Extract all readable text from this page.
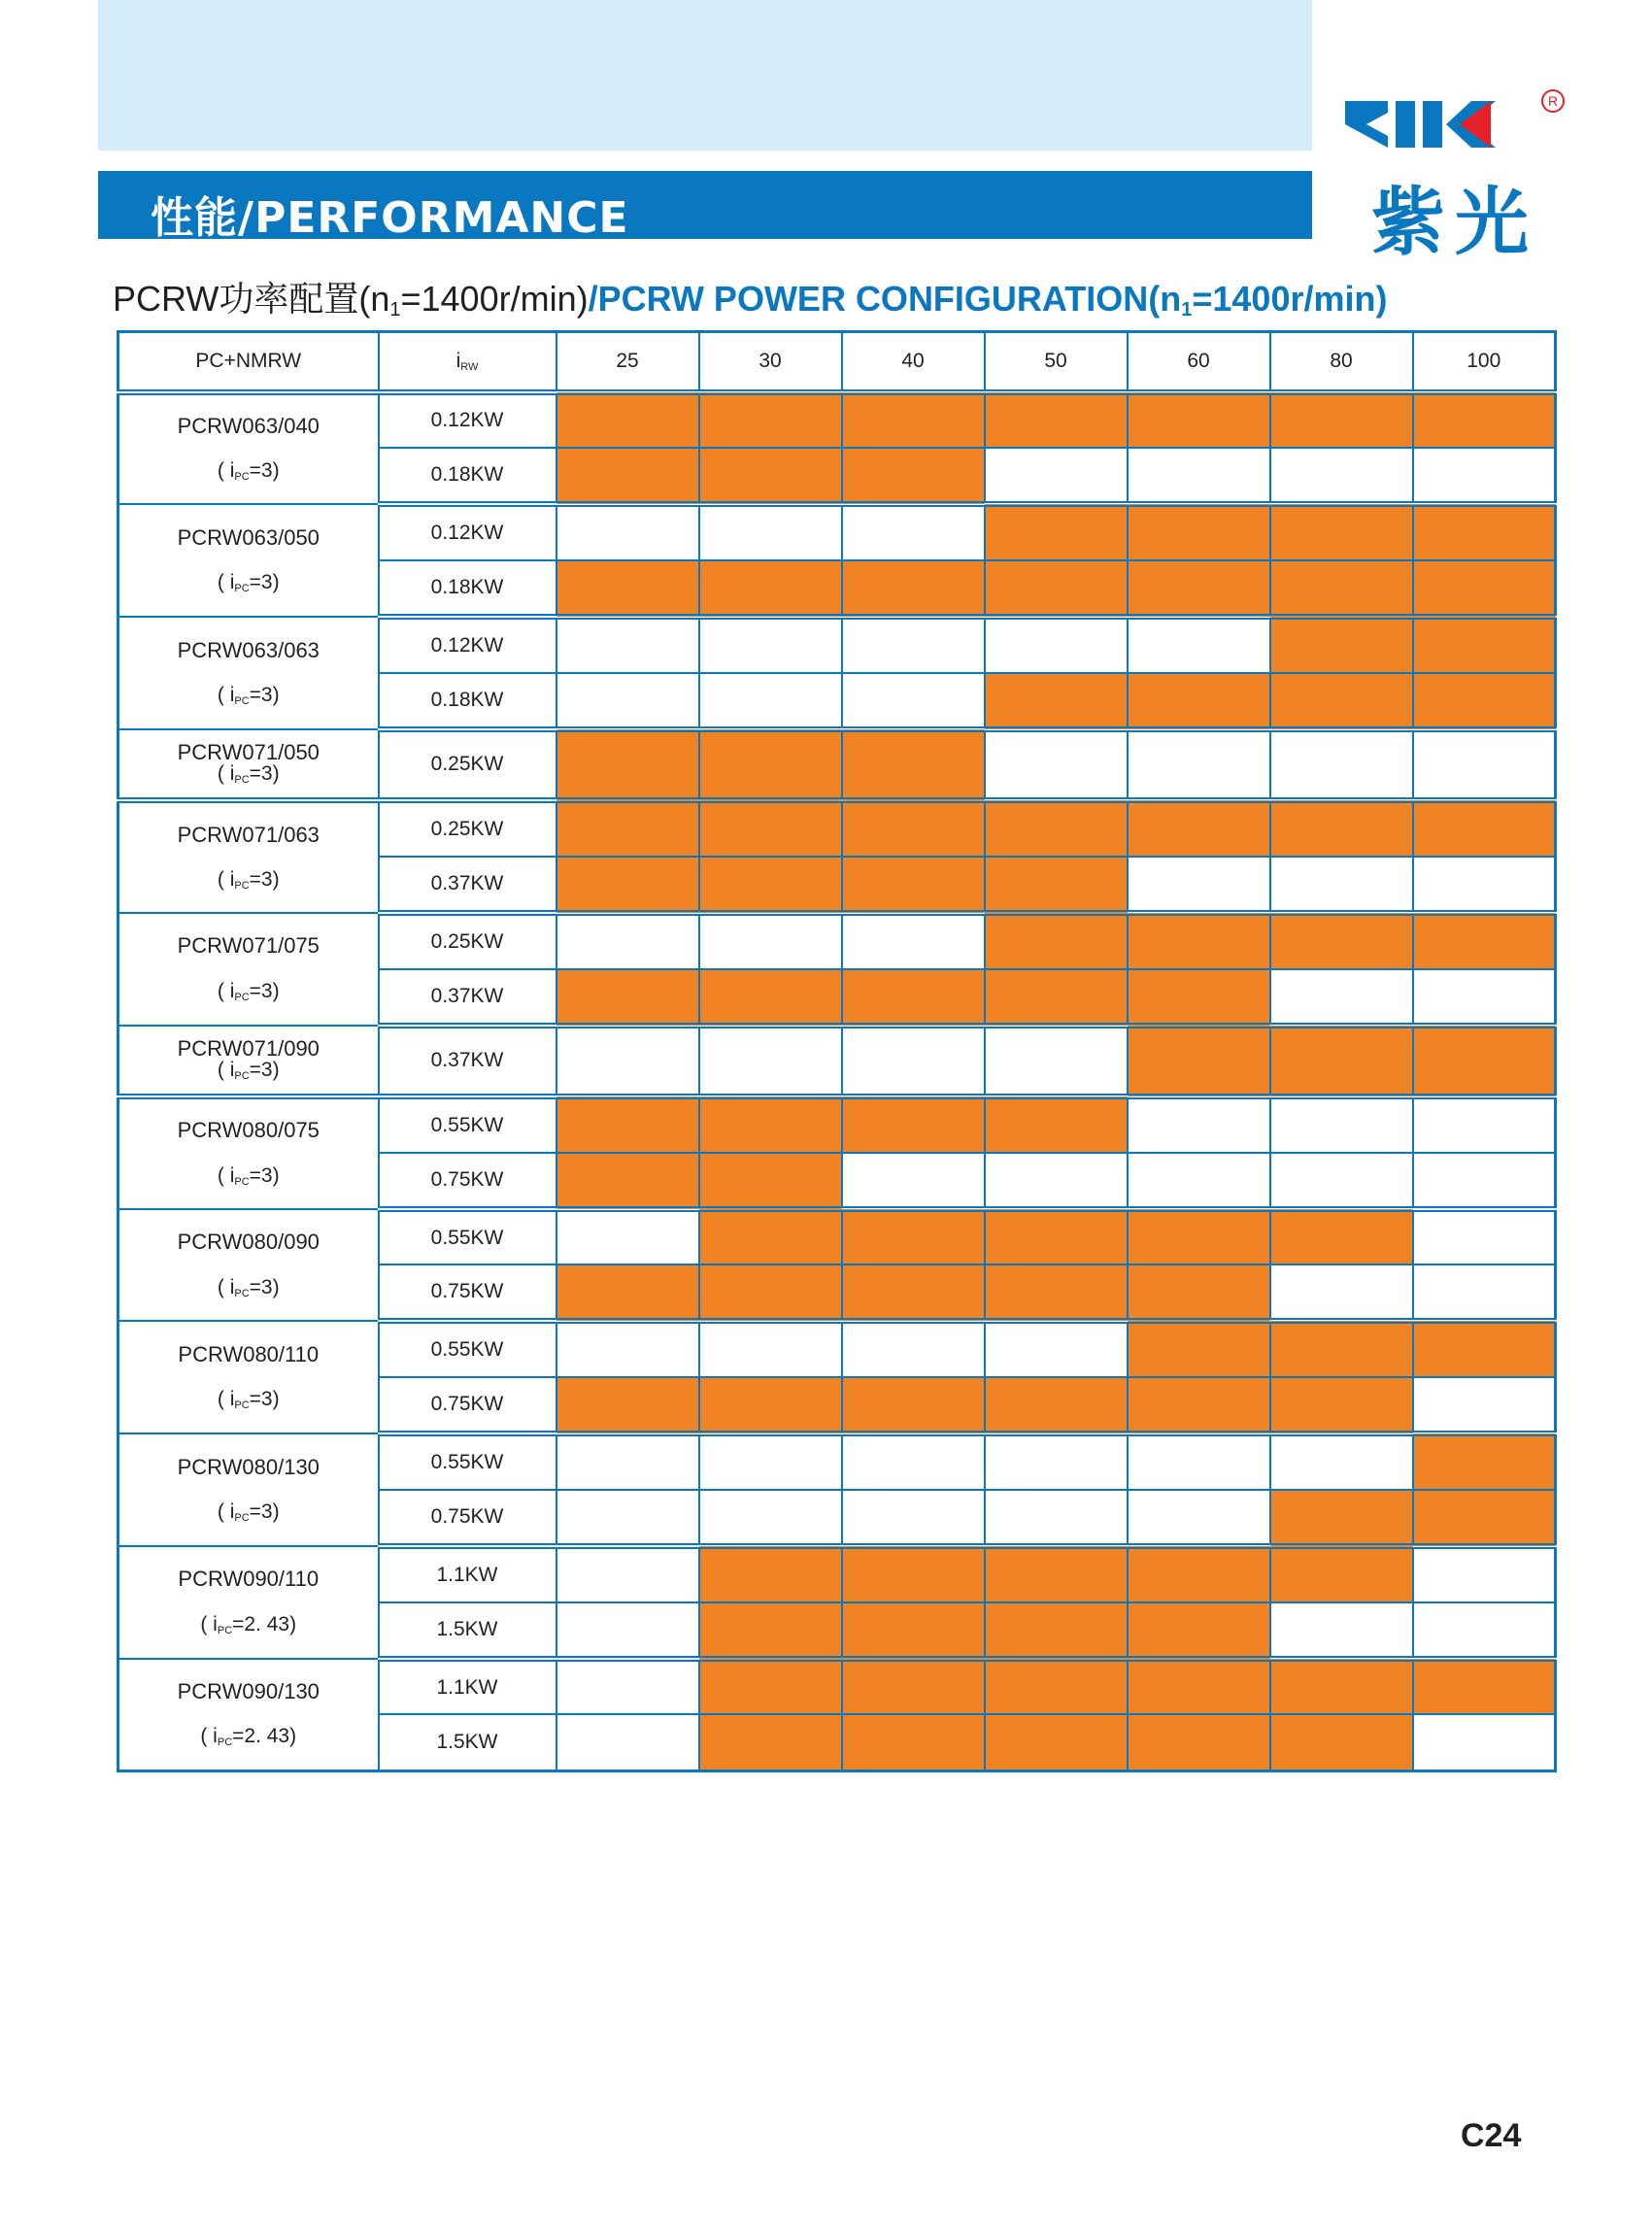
性能/PERFORMANCE
R
紫光
PCRW功率配置$(n_1=1400r/\min)$/PCRW POWER $CONFIGURATION(n_1=1400r/\min)$
PC+NMRW	iRW	25	30	40	50	60	80	100

PCRW063/040
( iPC=3)	0.12KW							
	0.18KW							

PCRW063/050
( iPC=3)	0.12KW							
	0.18KW							

PCRW063/063
( iPC=3)	0.12KW							
	0.18KW							

PCRW071/050
( iPC=3)	0.25KW							

PCRW071/063
( iPC=3)	0.25KW							
	0.37KW							

PCRW071/075
( iPC=3)	0.25KW							
	0.37KW							

PCRW071/090
( iPC=3)	0.37KW							

PCRW080/075
( iPC=3)	0.55KW							
	0.75KW							

PCRW080/090
( iPC=3)	0.55KW							
	0.75KW							

PCRW080/110
( iPC=3)	0.55KW							
	0.75KW							

PCRW080/130
( iPC=3)	0.55KW							
	0.75KW							

PCRW090/110
( iPC=2. 43)	1.1KW							
	1.5KW							

PCRW090/130
( iPC=2. 43)	1.1KW							
	1.5KW							
C24
